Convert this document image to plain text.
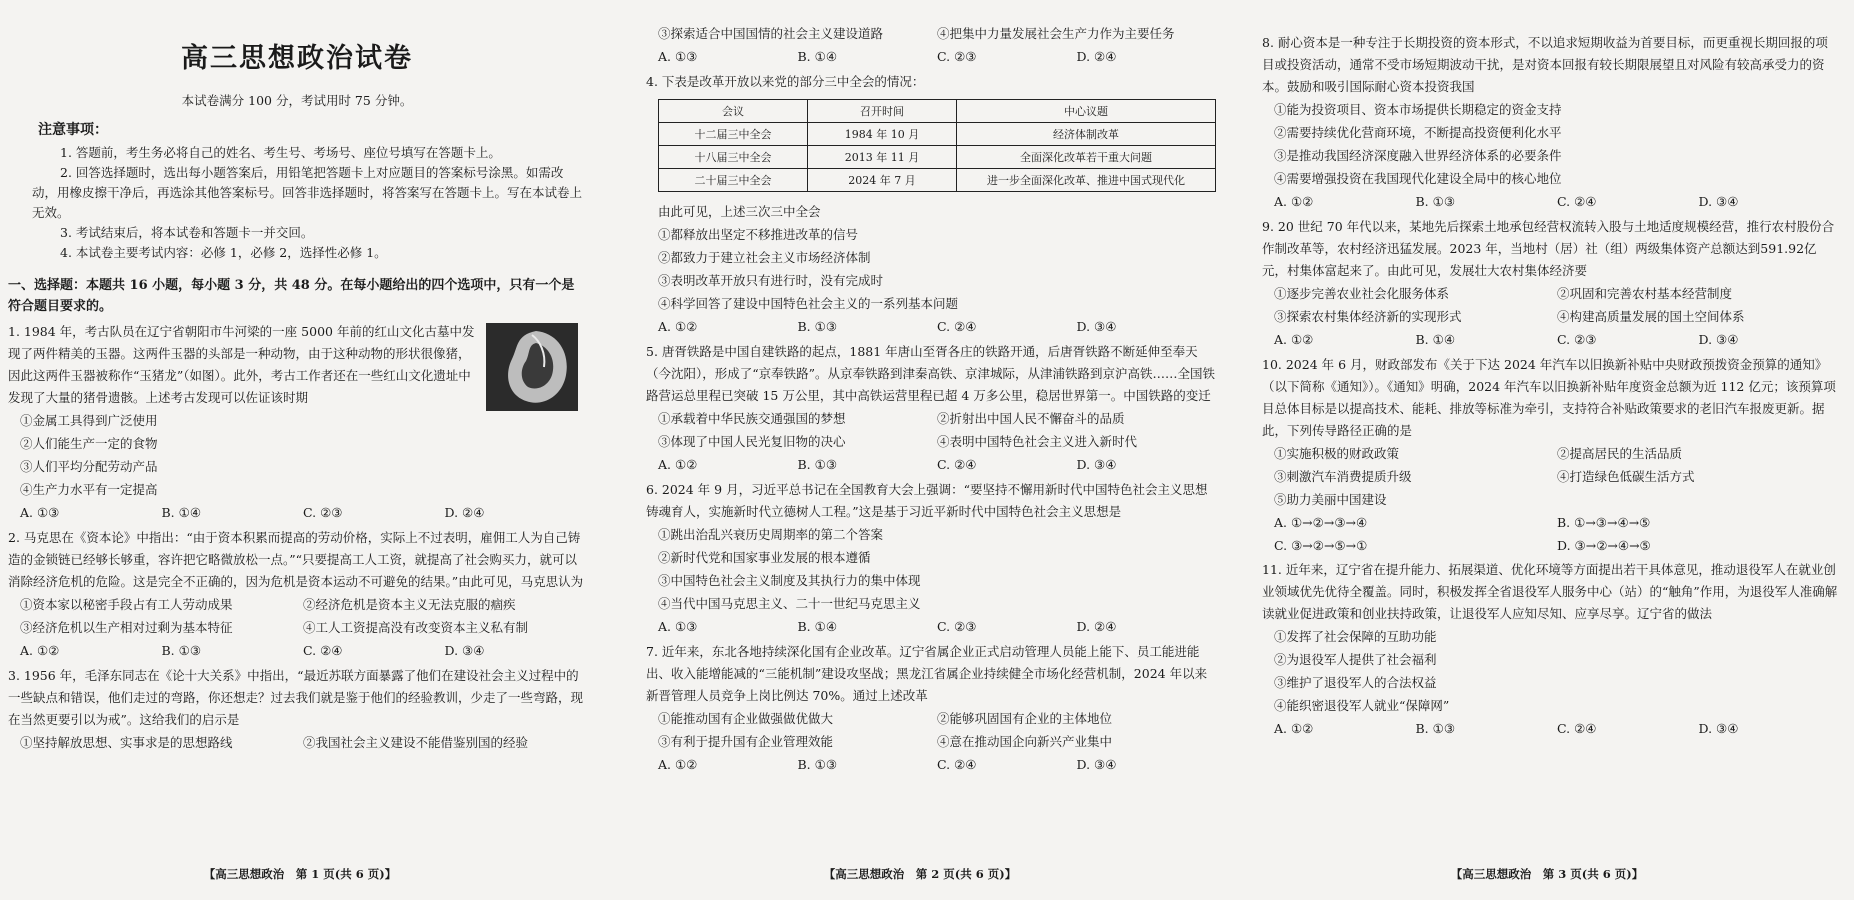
高三思想政治试卷
本试卷满分 100 分，考试用时 75 分钟。
注意事项：
1. 答题前，考生务必将自己的姓名、考生号、考场号、座位号填写在答题卡上。
2. 回答选择题时，选出每小题答案后，用铅笔把答题卡上对应题目的答案标号涂黑。如需改动，用橡皮擦干净后，再选涂其他答案标号。回答非选择题时，将答案写在答题卡上。写在本试卷上无效。
3. 考试结束后，将本试卷和答题卡一并交回。
4. 本试卷主要考试内容：必修 1，必修 2，选择性必修 1。
一、选择题：本题共 16 小题，每小题 3 分，共 48 分。在每小题给出的四个选项中，只有一个是符合题目要求的。
1. 1984 年，考古队员在辽宁省朝阳市牛河梁的一座 5000 年前的红山文化古墓中发现了两件精美的玉器。这两件玉器的头部是一种动物，由于这种动物的形状很像猪，因此这两件玉器被称作“玉猪龙”（如图）。此外，考古工作者还在一些红山文化遗址中发现了大量的猪骨遗骸。上述考古发现可以佐证该时期
①金属工具得到广泛使用
②人们能生产一定的食物
③人们平均分配劳动产品
④生产力水平有一定提高
A. ①③	B. ①④	C. ②③	D. ②④
2. 马克思在《资本论》中指出：“由于资本积累而提高的劳动价格，实际上不过表明，雇佣工人为自己铸造的金锁链已经够长够重，容许把它略微放松一点。”“只要提高工人工资，就提高了社会购买力，就可以消除经济危机的危险。这是完全不正确的，因为危机是资本运动不可避免的结果。”由此可见，马克思认为
①资本家以秘密手段占有工人劳动成果	②经济危机是资本主义无法克服的痼疾
③经济危机以生产相对过剩为基本特征	④工人工资提高没有改变资本主义私有制
A. ①②	B. ①③	C. ②④	D. ③④
3. 1956 年，毛泽东同志在《论十大关系》中指出，“最近苏联方面暴露了他们在建设社会主义过程中的一些缺点和错误，他们走过的弯路，你还想走？过去我们就是鉴于他们的经验教训，少走了一些弯路，现在当然更要引以为戒”。这给我们的启示是
①坚持解放思想、实事求是的思想路线	②我国社会主义建设不能借鉴别国的经验
【高三思想政治　第 1 页(共 6 页)】
③探索适合中国国情的社会主义建设道路	④把集中力量发展社会生产力作为主要任务
A. ①③	B. ①④	C. ②③	D. ②④
4. 下表是改革开放以来党的部分三中全会的情况：
会议	召开时间	中心议题
十二届三中全会	1984 年 10 月	经济体制改革
十八届三中全会	2013 年 11 月	全面深化改革若干重大问题
二十届三中全会	2024 年 7 月	进一步全面深化改革、推进中国式现代化
由此可见，上述三次三中全会
①都释放出坚定不移推进改革的信号
②都致力于建立社会主义市场经济体制
③表明改革开放只有进行时，没有完成时
④科学回答了建设中国特色社会主义的一系列基本问题
A. ①②	B. ①③	C. ②④	D. ③④
5. 唐胥铁路是中国自建铁路的起点，1881 年唐山至胥各庄的铁路开通，后唐胥铁路不断延伸至奉天（今沈阳），形成了“京奉铁路”。从京奉铁路到津秦高铁、京津城际，从津浦铁路到京沪高铁……全国铁路营运总里程已突破 15 万公里，其中高铁运营里程已超 4 万多公里，稳居世界第一。中国铁路的变迁
①承载着中华民族交通强国的梦想	②折射出中国人民不懈奋斗的品质
③体现了中国人民光复旧物的决心	④表明中国特色社会主义进入新时代
A. ①②	B. ①③	C. ②④	D. ③④
6. 2024 年 9 月，习近平总书记在全国教育大会上强调：“要坚持不懈用新时代中国特色社会主义思想铸魂育人，实施新时代立德树人工程。”这是基于习近平新时代中国特色社会主义思想是
①跳出治乱兴衰历史周期率的第二个答案
②新时代党和国家事业发展的根本遵循
③中国特色社会主义制度及其执行力的集中体现
④当代中国马克思主义、二十一世纪马克思主义
A. ①③	B. ①④	C. ②③	D. ②④
7. 近年来，东北各地持续深化国有企业改革。辽宁省属企业正式启动管理人员能上能下、员工能进能出、收入能增能减的“三能机制”建设攻坚战；黑龙江省属企业持续健全市场化经营机制，2024 年以来新晋管理人员竞争上岗比例达 70%。通过上述改革
①能推动国有企业做强做优做大	②能够巩固国有企业的主体地位
③有利于提升国有企业管理效能	④意在推动国企向新兴产业集中
A. ①②	B. ①③	C. ②④	D. ③④
【高三思想政治　第 2 页(共 6 页)】
8. 耐心资本是一种专注于长期投资的资本形式，不以追求短期收益为首要目标，而更重视长期回报的项目或投资活动，通常不受市场短期波动干扰，是对资本回报有较长期限展望且对风险有较高承受力的资本。鼓励和吸引国际耐心资本投资我国
①能为投资项目、资本市场提供长期稳定的资金支持
②需要持续优化营商环境，不断提高投资便利化水平
③是推动我国经济深度融入世界经济体系的必要条件
④需要增强投资在我国现代化建设全局中的核心地位
A. ①②	B. ①③	C. ②④	D. ③④
9. 20 世纪 70 年代以来，某地先后探索土地承包经营权流转入股与土地适度规模经营，推行农村股份合作制改革等，农村经济迅猛发展。2023 年，当地村（居）社（组）两级集体资产总额达到591.92亿元，村集体富起来了。由此可见，发展壮大农村集体经济要
①逐步完善农业社会化服务体系	②巩固和完善农村基本经营制度
③探索农村集体经济新的实现形式	④构建高质量发展的国土空间体系
A. ①②	B. ①④	C. ②③	D. ③④
10. 2024 年 6 月，财政部发布《关于下达 2024 年汽车以旧换新补贴中央财政预拨资金预算的通知》（以下简称《通知》）。《通知》明确，2024 年汽车以旧换新补贴年度资金总额为近 112 亿元；该预算项目总体目标是以提高技术、能耗、排放等标准为牵引，支持符合补贴政策要求的老旧汽车报废更新。据此，下列传导路径正确的是
①实施积极的财政政策	②提高居民的生活品质
③刺激汽车消费提质升级	④打造绿色低碳生活方式
⑤助力美丽中国建设
A. ①→②→③→④	B. ①→③→④→⑤
C. ③→②→⑤→①	D. ③→②→④→⑤
11. 近年来，辽宁省在提升能力、拓展渠道、优化环境等方面提出若干具体意见，推动退役军人在就业创业领域优先优待全覆盖。同时，积极发挥全省退役军人服务中心（站）的“触角”作用，为退役军人准确解读就业促进政策和创业扶持政策，让退役军人应知尽知、应享尽享。辽宁省的做法
①发挥了社会保障的互助功能
②为退役军人提供了社会福利
③维护了退役军人的合法权益
④能织密退役军人就业“保障网”
A. ①②	B. ①③	C. ②④	D. ③④
【高三思想政治　第 3 页(共 6 页)】
